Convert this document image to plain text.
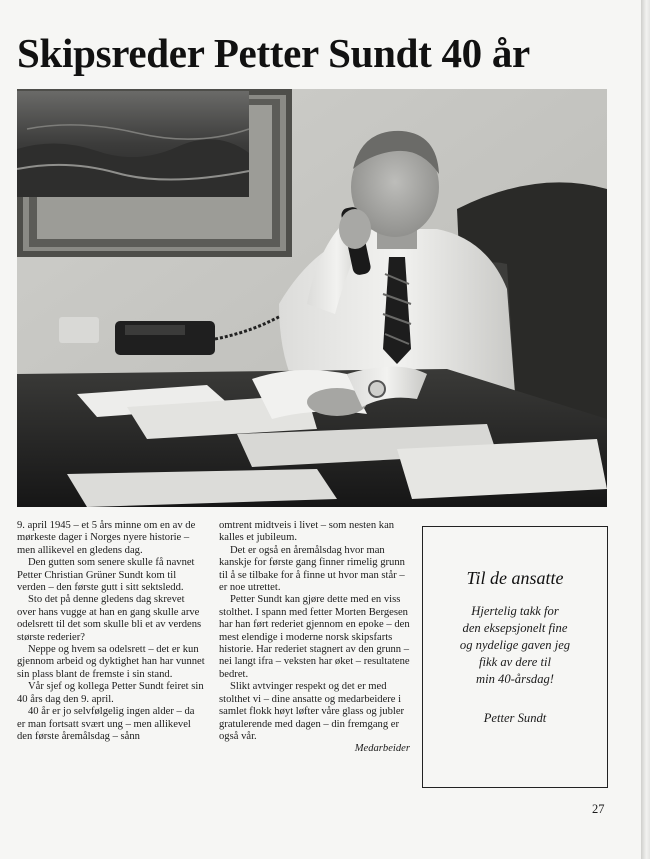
Skipsreder Petter Sundt 40 år

9. april 1945 – et 5 års minne om en av de mørkeste dager i Norges nyere historie – men allikevel en gledens dag.

Den gutten som senere skulle få navnet Petter Christian Grüner Sundt kom til verden – den første gutt i sitt sektsledd.

Sto det på denne gledens dag skrevet over hans vugge at han en gang skulle arve odelsrett til det som skulle bli et av verdens største rederier?

Neppe og hvem sa odelsrett – det er kun gjennom arbeid og dyktighet han har vunnet sin plass blant de fremste i sin stand.

Vår sjef og kollega Petter Sundt feiret sin 40 års dag den 9. april.

40 år er jo selvfølgelig ingen alder – da er man fortsatt svært ung – men allikevel den første åremålsdag – sånn

omtrent midtveis i livet – som nesten kan kalles et jubileum.

Det er også en åremålsdag hvor man kanskje for første gang finner rimelig grunn til å se tilbake for å finne ut hvor man står – er noe utrettet.

Petter Sundt kan gjøre dette med en viss stolthet. I spann med fetter Morten Bergesen har han ført rederiet gjennom en epoke – den mest elendige i moderne norsk skipsfarts historie. Har rederiet stagnert av den grunn – nei langt ifra – veksten har øket – resultatene bedret.

Slikt avtvinger respekt og det er med stolthet vi – dine ansatte og medarbeidere i samlet flokk høyt løfter våre glass og jubler gratulerende med dagen – din fremgang er også vår.

Medarbeider

Til de ansatte

Hjertelig takk for

den eksepsjonelt fine

og nydelige gaven jeg

fikk av dere til

min 40-årsdag!

Petter Sundt
27
